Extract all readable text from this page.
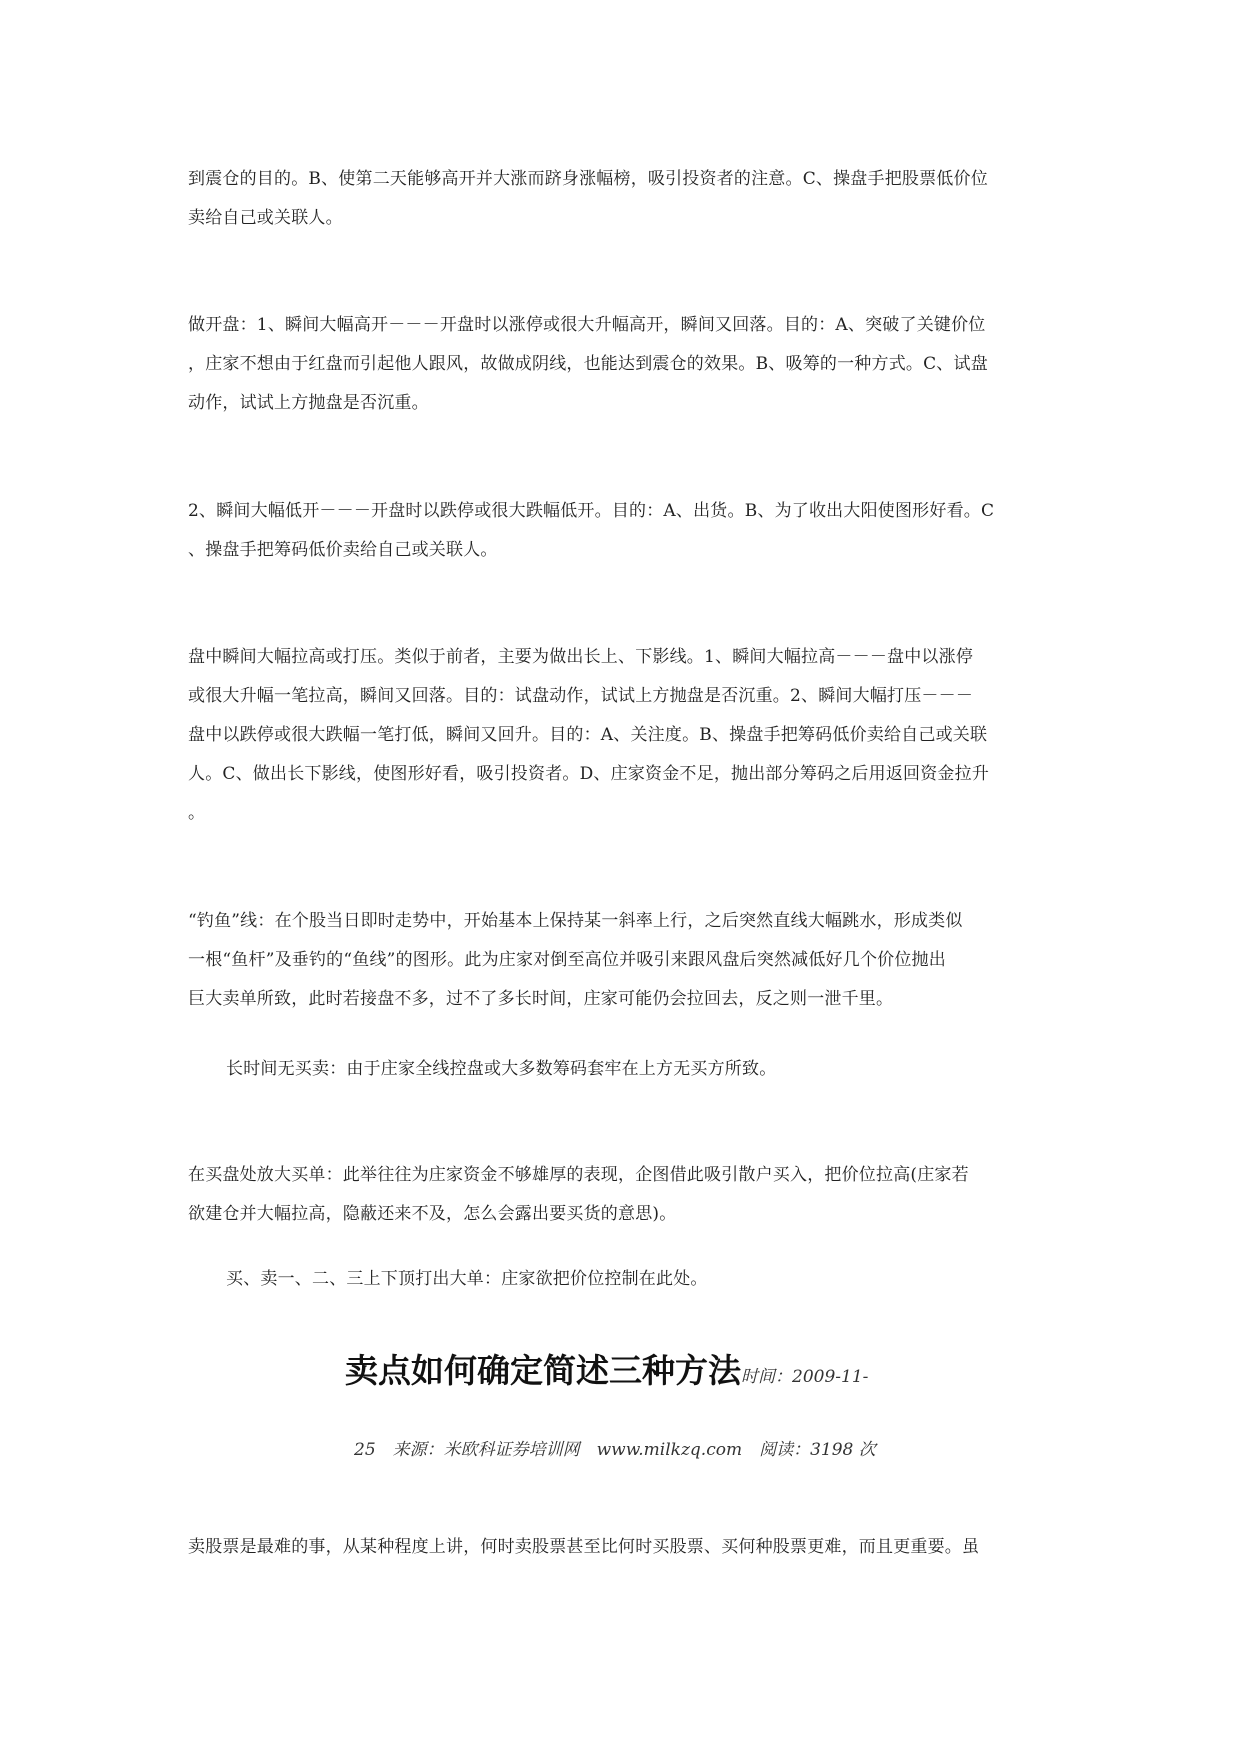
到震仓的目的。B、使第二天能够高开并大涨而跻身涨幅榜，吸引投资者的注意。C、操盘手把股票低价位
卖给自己或关联人。
做开盘：1、瞬间大幅高开－－－开盘时以涨停或很大升幅高开，瞬间又回落。目的：A、突破了关键价位
，庄家不想由于红盘而引起他人跟风，故做成阴线，也能达到震仓的效果。B、吸筹的一种方式。C、试盘
动作，试试上方抛盘是否沉重。
2、瞬间大幅低开－－－开盘时以跌停或很大跌幅低开。目的：A、出货。B、为了收出大阳使图形好看。C
、操盘手把筹码低价卖给自己或关联人。
盘中瞬间大幅拉高或打压。类似于前者，主要为做出长上、下影线。1、瞬间大幅拉高－－－盘中以涨停
或很大升幅一笔拉高，瞬间又回落。目的：试盘动作，试试上方抛盘是否沉重。2、瞬间大幅打压－－－
盘中以跌停或很大跌幅一笔打低，瞬间又回升。目的：A、关注度。B、操盘手把筹码低价卖给自己或关联
人。C、做出长下影线，使图形好看，吸引投资者。D、庄家资金不足，抛出部分筹码之后用返回资金拉升
。
“钓鱼”线：在个股当日即时走势中，开始基本上保持某一斜率上行，之后突然直线大幅跳水，形成类似
一根“鱼杆”及垂钓的“鱼线”的图形。此为庄家对倒至高位并吸引来跟风盘后突然减低好几个价位抛出
巨大卖单所致，此时若接盘不多，过不了多长时间，庄家可能仍会拉回去，反之则一泄千里。
长时间无买卖：由于庄家全线控盘或大多数筹码套牢在上方无买方所致。
在买盘处放大买单：此举往往为庄家资金不够雄厚的表现，企图借此吸引散户买入，把价位拉高(庄家若
欲建仓并大幅拉高，隐蔽还来不及，怎么会露出要买货的意思)。
买、卖一、二、三上下顶打出大单：庄家欲把价位控制在此处。
卖点如何确定简述三种方法时间：2009-11-
25　来源：米欧科证券培训网　www.milkzq.com　阅读：3198 次
卖股票是最难的事，从某种程度上讲，何时卖股票甚至比何时买股票、买何种股票更难，而且更重要。虽
